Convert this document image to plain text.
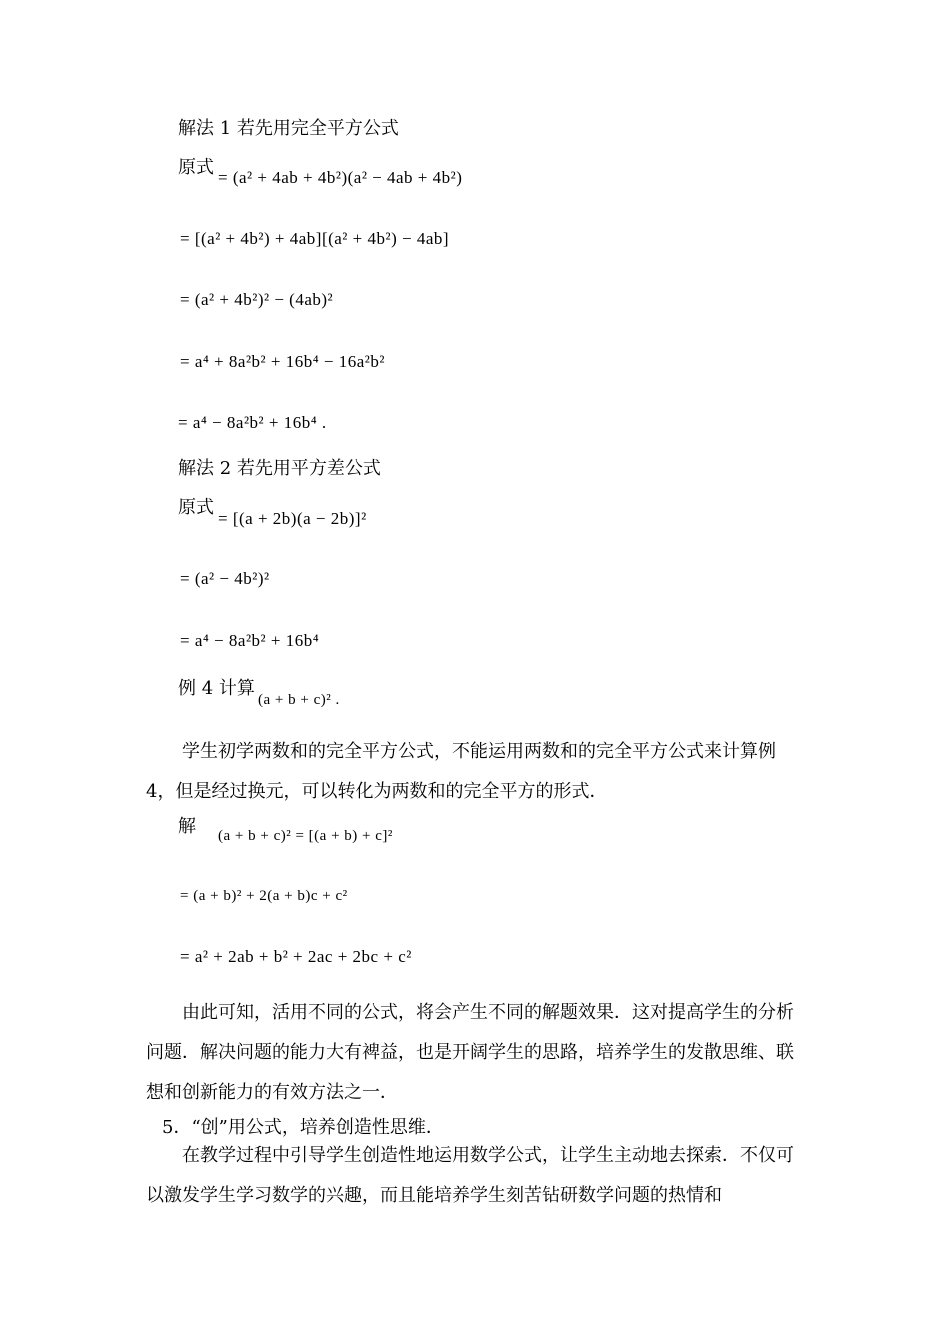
解法 1 若先用完全平方公式
原式 = (a² + 4ab + 4b²)(a² − 4ab + 4b²)
= [(a² + 4b²) + 4ab][(a² + 4b²) − 4ab]
= (a² + 4b²)² − (4ab)²
= a⁴ + 8a²b² + 16b⁴ − 16a²b²
= a⁴ − 8a²b² + 16b⁴ .
解法 2 若先用平方差公式
原式
= [(a + 2b)(a − 2b)]²
= (a² − 4b²)²
= a⁴ − 8a²b² + 16b⁴
例 4 计算
(a + b + c)² .
学生初学两数和的完全平方公式，不能运用两数和的完全平方公式来计算例 4，但是经过换元，可以转化为两数和的完全平方的形式．
解 (a + b + c)² = [(a + b) + c]²
= (a + b)² + 2(a + b)c + c²
= a² + 2ab + b² + 2ac + 2bc + c²
由此可知，活用不同的公式，将会产生不同的解题效果．这对提高学生的分析问题．解决问题的能力大有裨益，也是开阔学生的思路，培养学生的发散思维、联想和创新能力的有效方法之一．
5．“创”用公式，培养创造性思维．
在教学过程中引导学生创造性地运用数学公式，让学生主动地去探索．不仅可以激发学生学习数学的兴趣，而且能培养学生刻苦钻研数学问题的热情和
